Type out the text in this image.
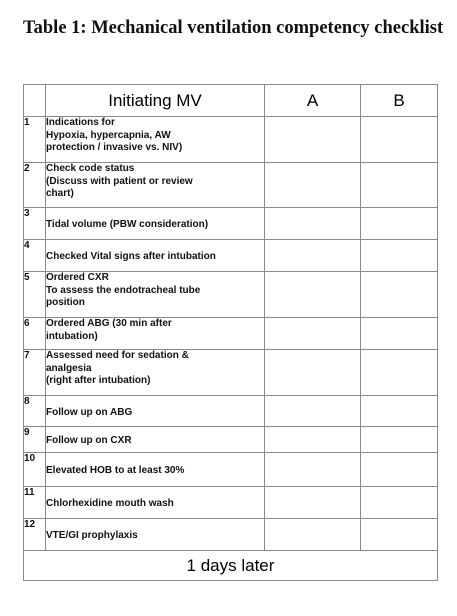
Table 1: Mechanical ventilation competency checklist
	Initiating MV	A	B
1	Indications for
Hypoxia, hypercapnia, AW
protection / invasive vs. NIV)		
2	Check code status
(Discuss with patient or review
chart)		
3	Tidal volume (PBW consideration)		
4	Checked Vital signs after intubation		
5	Ordered CXR
To assess the endotracheal tube
position		
6	Ordered ABG (30 min after
intubation)		
7	Assessed need for sedation &
analgesia
(right after intubation)		
8	Follow up on ABG		
9	Follow up on CXR		
10	Elevated HOB to at least 30%		
11	Chlorhexidine mouth wash		
12	VTE/GI prophylaxis		
1 days later			
